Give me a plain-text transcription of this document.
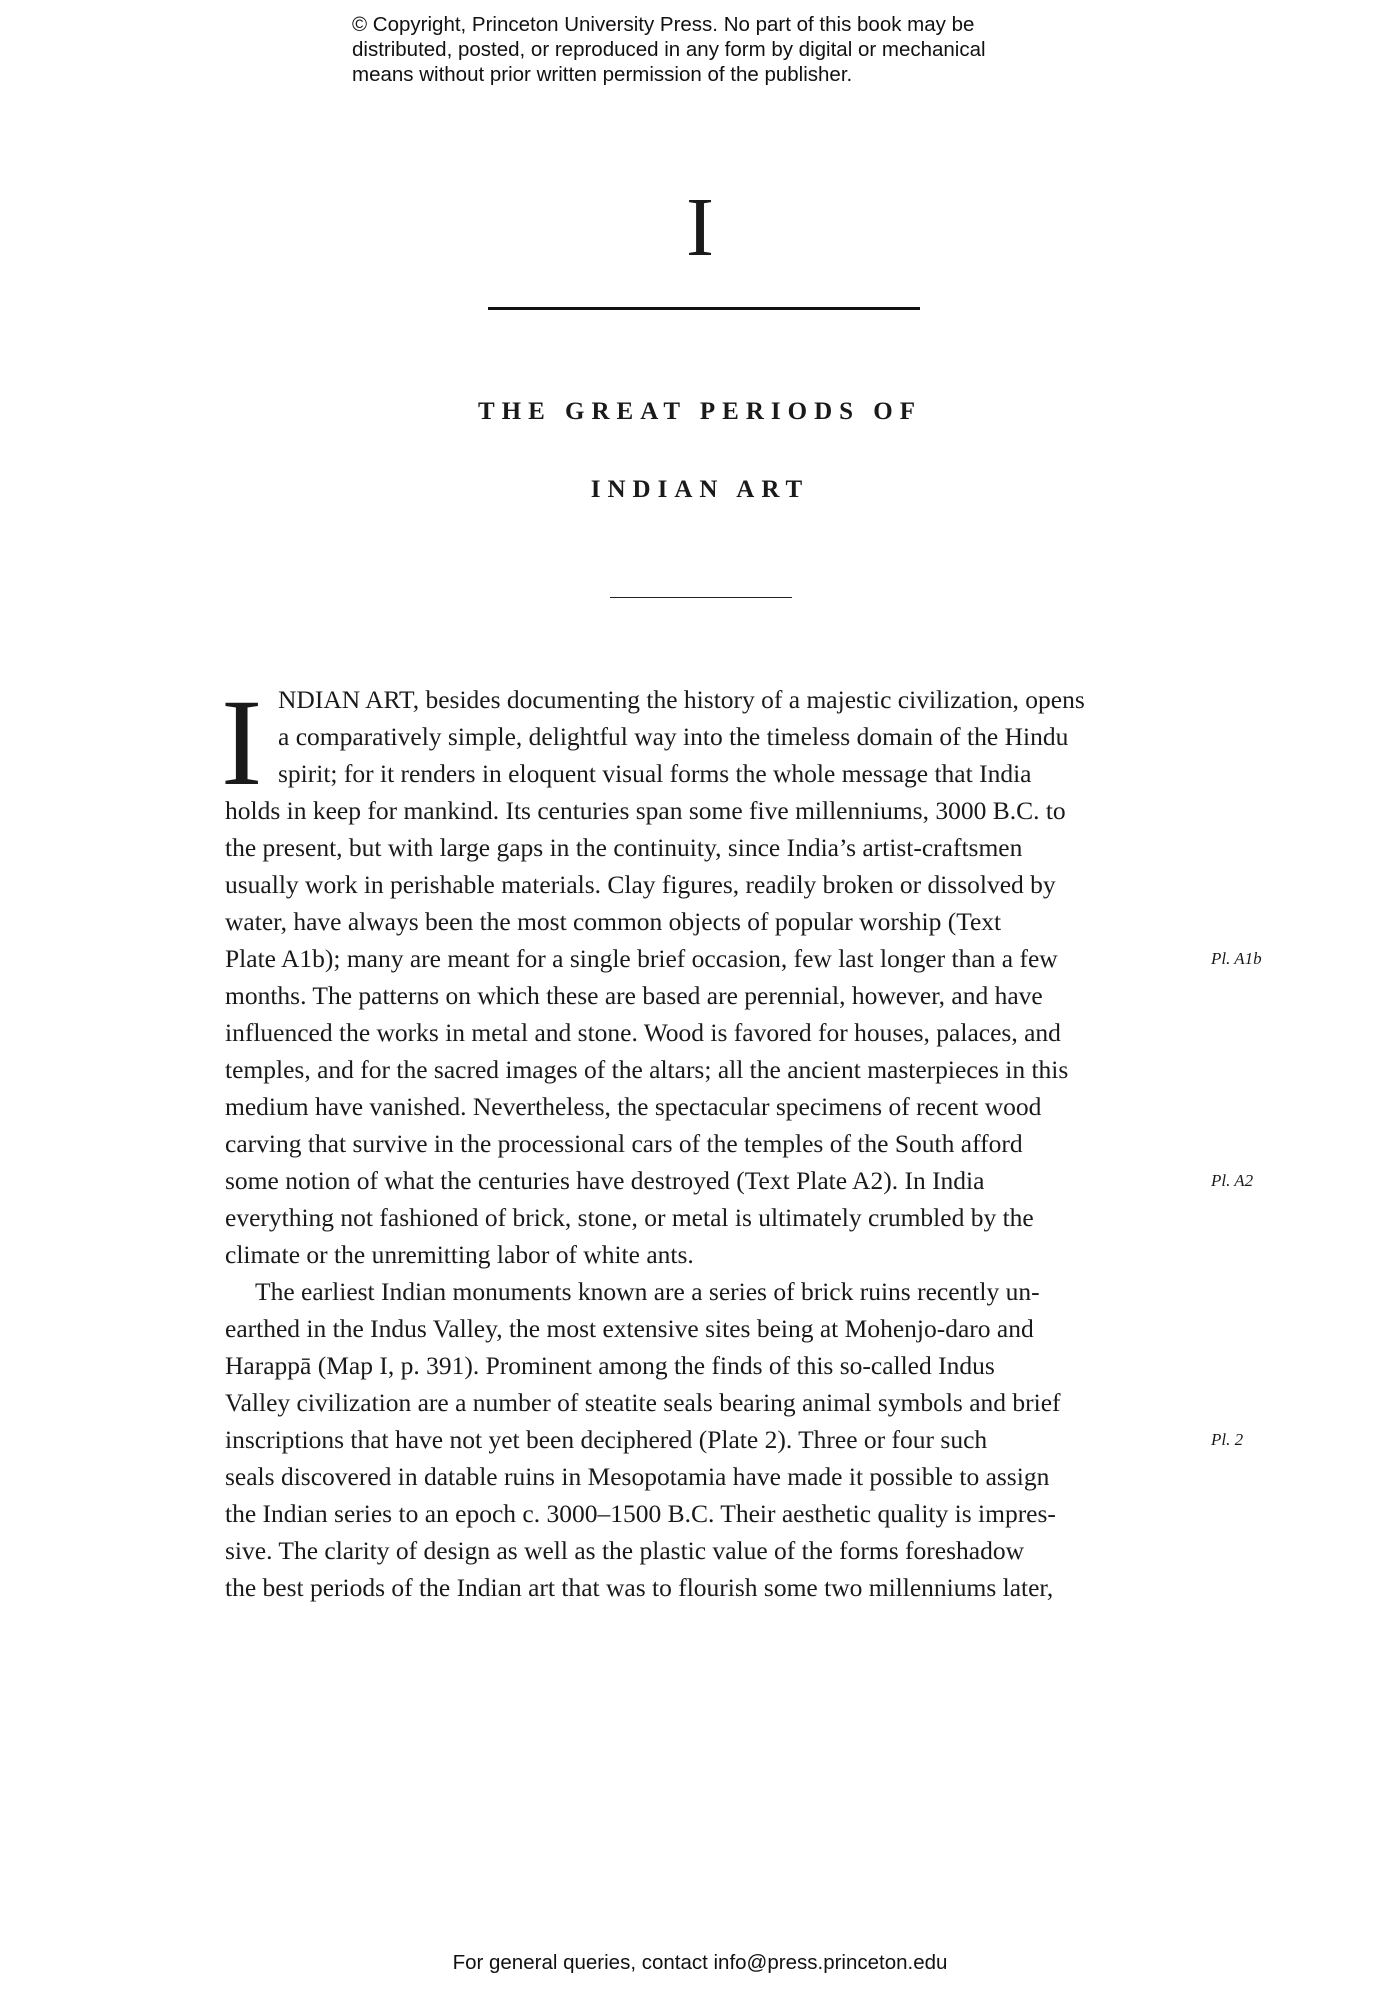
© Copyright, Princeton University Press. No part of this book may be
distributed, posted, or reproduced in any form by digital or mechanical
means without prior written permission of the publisher.
I
THE GREAT PERIODS OF
INDIAN ART
I NDIAN ART, besides documenting the history of a majestic civilization, opens
a comparatively simple, delightful way into the timeless domain of the Hindu
spirit; for it renders in eloquent visual forms the whole message that India
holds in keep for mankind. Its centuries span some five millenniums, 3000 B.C. to
the present, but with large gaps in the continuity, since India’s artist-craftsmen
usually work in perishable materials. Clay figures, readily broken or dissolved by
water, have always been the most common objects of popular worship (Text
Plate A1b); many are meant for a single brief occasion, few last longer than a few
months. The patterns on which these are based are perennial, however, and have
influenced the works in metal and stone. Wood is favored for houses, palaces, and
temples, and for the sacred images of the altars; all the ancient masterpieces in this
medium have vanished. Nevertheless, the spectacular specimens of recent wood
carving that survive in the processional cars of the temples of the South afford
some notion of what the centuries have destroyed (Text Plate A2). In India
everything not fashioned of brick, stone, or metal is ultimately crumbled by the
climate or the unremitting labor of white ants.
The earliest Indian monuments known are a series of brick ruins recently un-
earthed in the Indus Valley, the most extensive sites being at Mohenjo-daro and
Harappā (Map I, p. 391). Prominent among the finds of this so-called Indus
Valley civilization are a number of steatite seals bearing animal symbols and brief
inscriptions that have not yet been deciphered (Plate 2). Three or four such
seals discovered in datable ruins in Mesopotamia have made it possible to assign
the Indian series to an epoch c. 3000–1500 B.C. Their aesthetic quality is impres-
sive. The clarity of design as well as the plastic value of the forms foreshadow
the best periods of the Indian art that was to flourish some two millenniums later,
Pl. A1b
Pl. A2
Pl. 2
For general queries, contact info@press.princeton.edu
